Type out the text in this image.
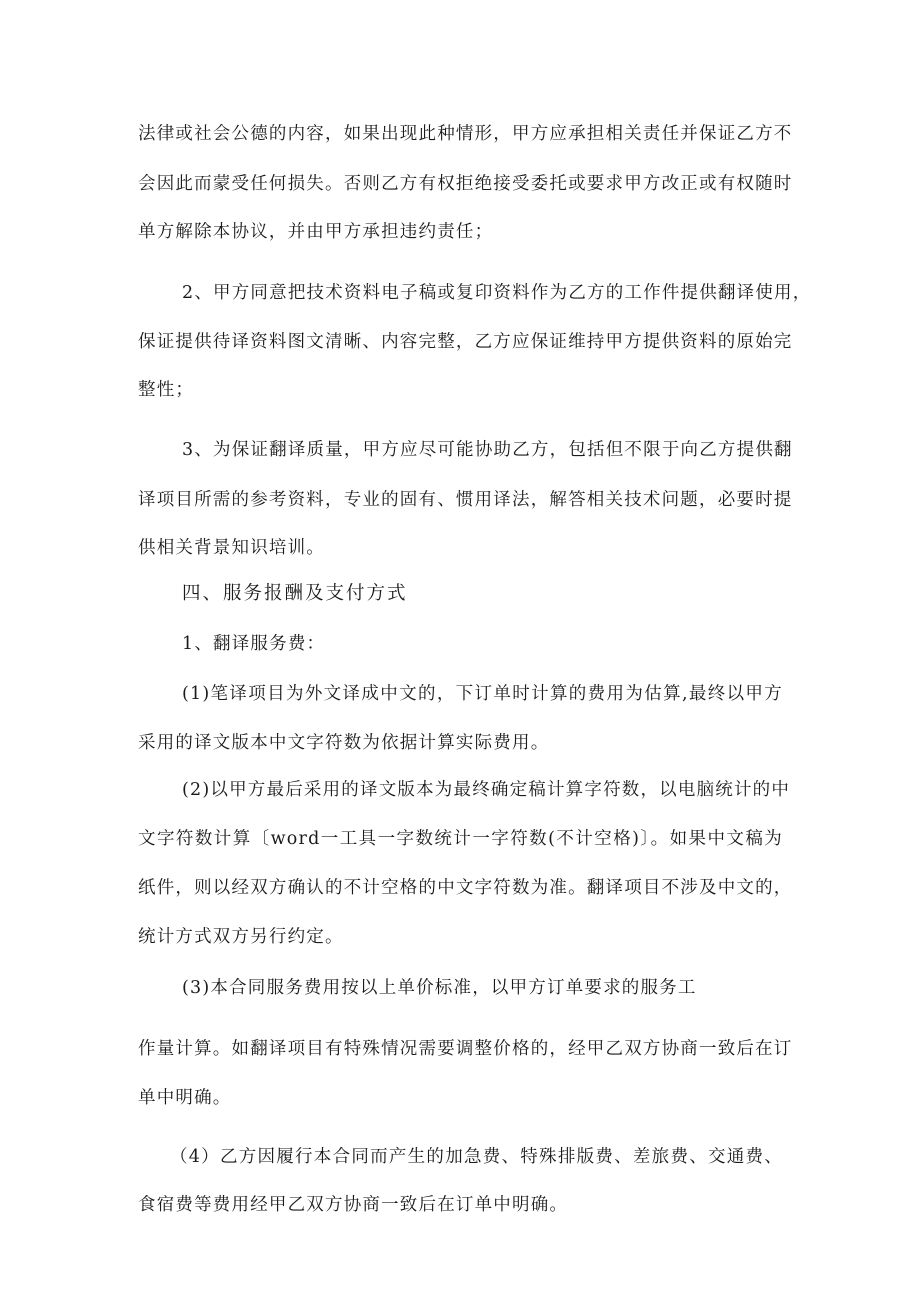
法律或社会公德的内容，如果出现此种情形，甲方应承担相关责任并保证乙方不
会因此而蒙受任何损失。否则乙方有权拒绝接受委托或要求甲方改正或有权随时
单方解除本协议，并由甲方承担违约责任；
2、甲方同意把技术资料电子稿或复印资料作为乙方的工作件提供翻译使用，
保证提供待译资料图文清晰、内容完整，乙方应保证维持甲方提供资料的原始完
整性；
3、为保证翻译质量，甲方应尽可能协助乙方，包括但不限于向乙方提供翻
译项目所需的参考资料，专业的固有、惯用译法，解答相关技术问题，必要时提
供相关背景知识培训。
四、服务报酬及支付方式
1、翻译服务费：
(1)笔译项目为外文译成中文的，下订单时计算的费用为估算,最终以甲方
采用的译文版本中文字符数为依据计算实际费用。
(2)以甲方最后采用的译文版本为最终确定稿计算字符数，以电脑统计的中
文字符数计算〔word一工具一字数统计一字符数(不计空格)〕。如果中文稿为
纸件，则以经双方确认的不计空格的中文字符数为准。翻译项目不涉及中文的，
统计方式双方另行约定。
(3)本合同服务费用按以上单价标准，以甲方订单要求的服务工
作量计算。如翻译项目有特殊情况需要调整价格的，经甲乙双方协商一致后在订
单中明确。
（4）乙方因履行本合同而产生的加急费、特殊排版费、差旅费、交通费、
食宿费等费用经甲乙双方协商一致后在订单中明确。
